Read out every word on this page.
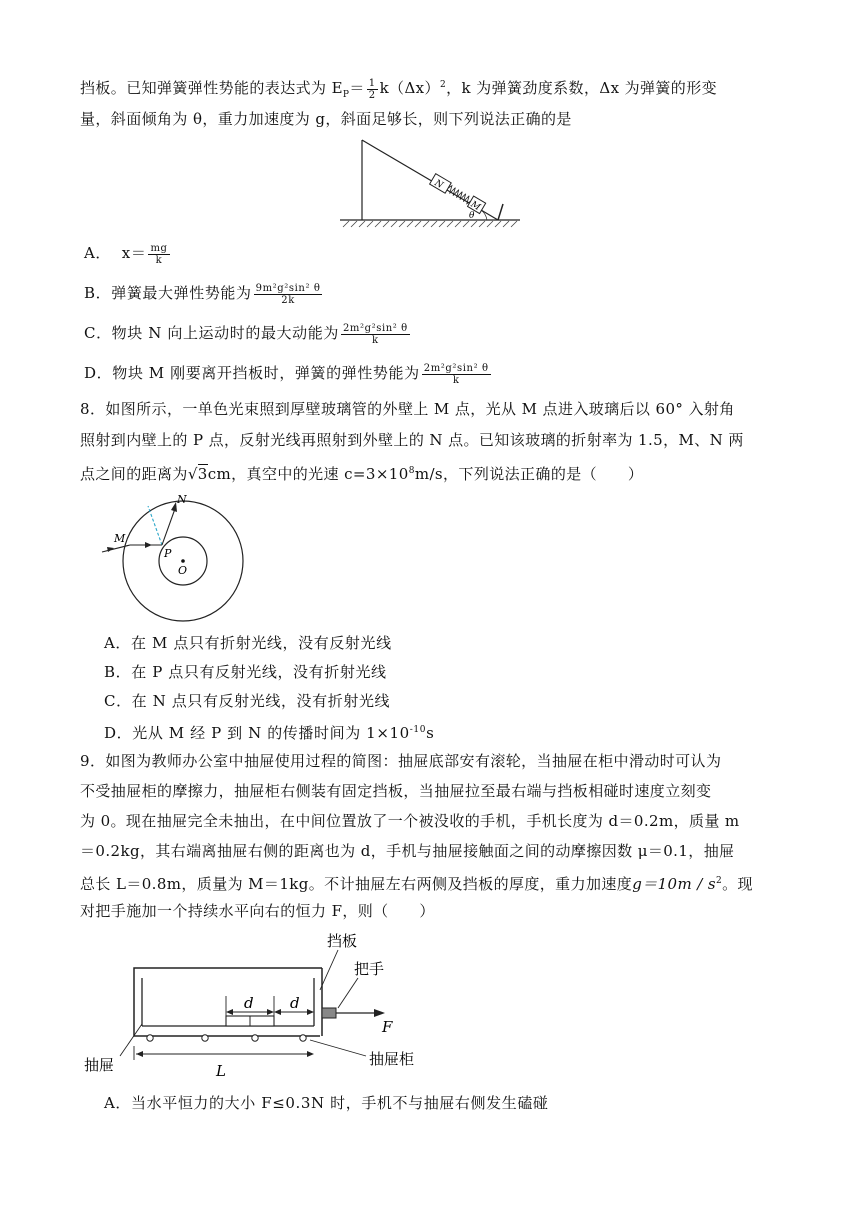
挡板。已知弹簧弹性势能的表达式为 $E_P= \frac{1}{2} k(\Delta x)^2$，k 为弹簧劲度系数，Δx 为弹簧的形变
量，斜面倾角为 θ，重力加速度为 g，斜面足够长，则下列说法正确的是
N
M
θ
A． $x= \frac{mg}{k}$
B．弹簧最大弹性势能为 $\frac{\text{9m²g²sin² θ}}{2k}$
C．物块 N 向上运动时的最大动能为 $\frac{\text{2m²g²sin² θ}}{k}$
D．物块 M 刚要离开挡板时，弹簧的弹性势能为 $\frac{\text{2m²g²sin² θ}}{k}$
8．如图所示，一单色光束照到厚壁玻璃管的外壁上 M 点，光从 M 点进入玻璃后以 60° 入射角
照射到内壁上的 P 点，反射光线再照射到外壁上的 N 点。已知该玻璃的折射率为 1.5，M、N 两
点之间的距离为√3cm，真空中的光速 $c=3\times 10^8m/s$，下列说法正确的是（　　）
N
M
P
O
A．在 M 点只有折射光线，没有反射光线
B．在 P 点只有反射光线，没有折射光线
C．在 N 点只有反射光线，没有折射光线
D．光从 M 经 P 到 N 的传播时间为 $1\times 10^{-10}s$
9．如图为教师办公室中抽屉使用过程的简图：抽屉底部安有滚轮，当抽屉在柜中滑动时可认为
不受抽屉柜的摩擦力，抽屉柜右侧装有固定挡板，当抽屉拉至最右端与挡板相碰时速度立刻变
为 0。现在抽屉完全未抽出，在中间位置放了一个被没收的手机，手机长度为 d＝0.2m，质量 m
＝0.2kg，其右端离抽屉右侧的距离也为 d，手机与抽屉接触面之间的动摩擦因数 μ＝0.1，抽屉
总长 L＝0.8m，质量为 M＝1kg。不计抽屉左右两侧及挡板的厚度，重力加速度$g=10m / s^2$。现
对把手施加一个持续水平向右的恒力 F，则（　　）
F
d d
L
挡板
把手
抽屉	抽屉柜
A．当水平恒力的大小 F≤0.3N 时，手机不与抽屉右侧发生磕碰
